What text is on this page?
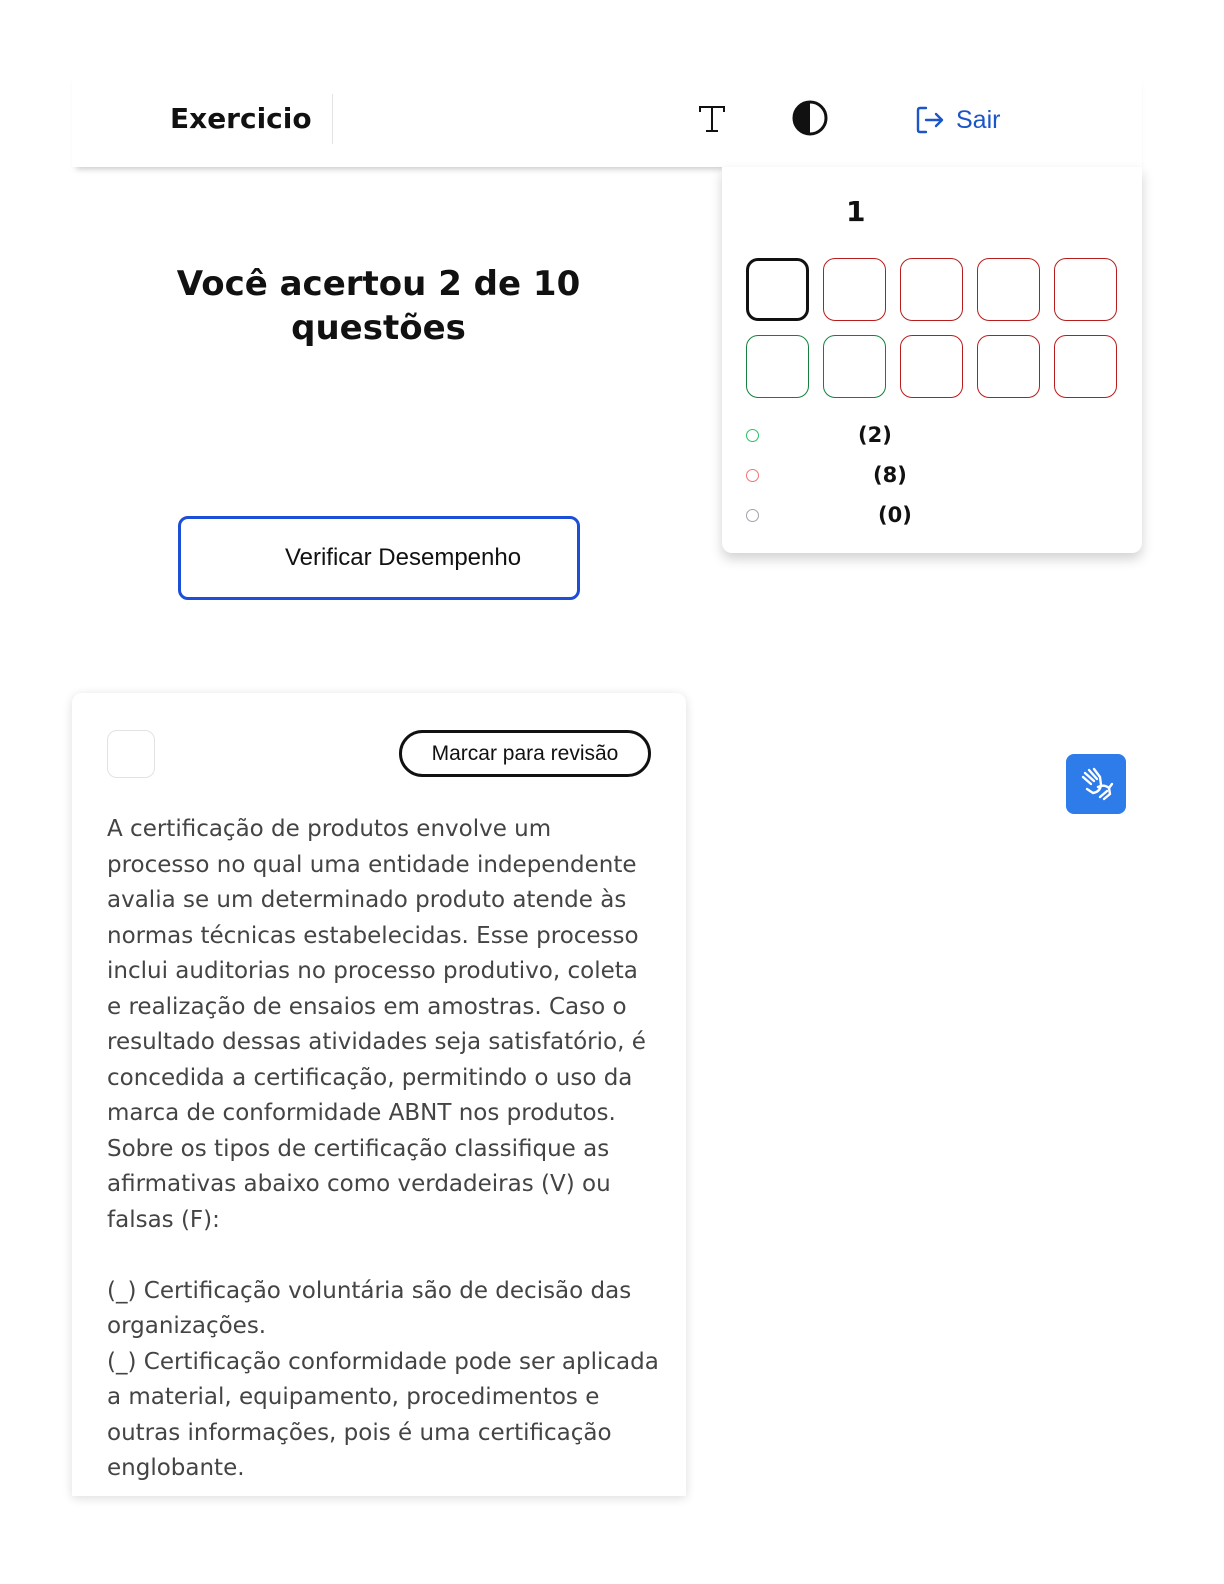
Exercicio	Sair
Você acertou 2 de 10 questões
Verificar Desempenho
1
(2)
(8)
(0)
Marcar para revisão
A certificação de produtos envolve um processo no qual uma entidade independente avalia se um determinado produto atende às normas técnicas estabelecidas. Esse processo inclui auditorias no processo produtivo, coleta e realização de ensaios em amostras. Caso o resultado dessas atividades seja satisfatório, é concedida a certificação, permitindo o uso da marca de conformidade ABNT nos produtos. Sobre os tipos de certificação classifique as afirmativas abaixo como verdadeiras (V) ou falsas (F):

(_) Certificação voluntária são de decisão das organizações.
(_) Certificação conformidade pode ser aplicada a material, equipamento, procedimentos e outras informações, pois é uma certificação englobante.
